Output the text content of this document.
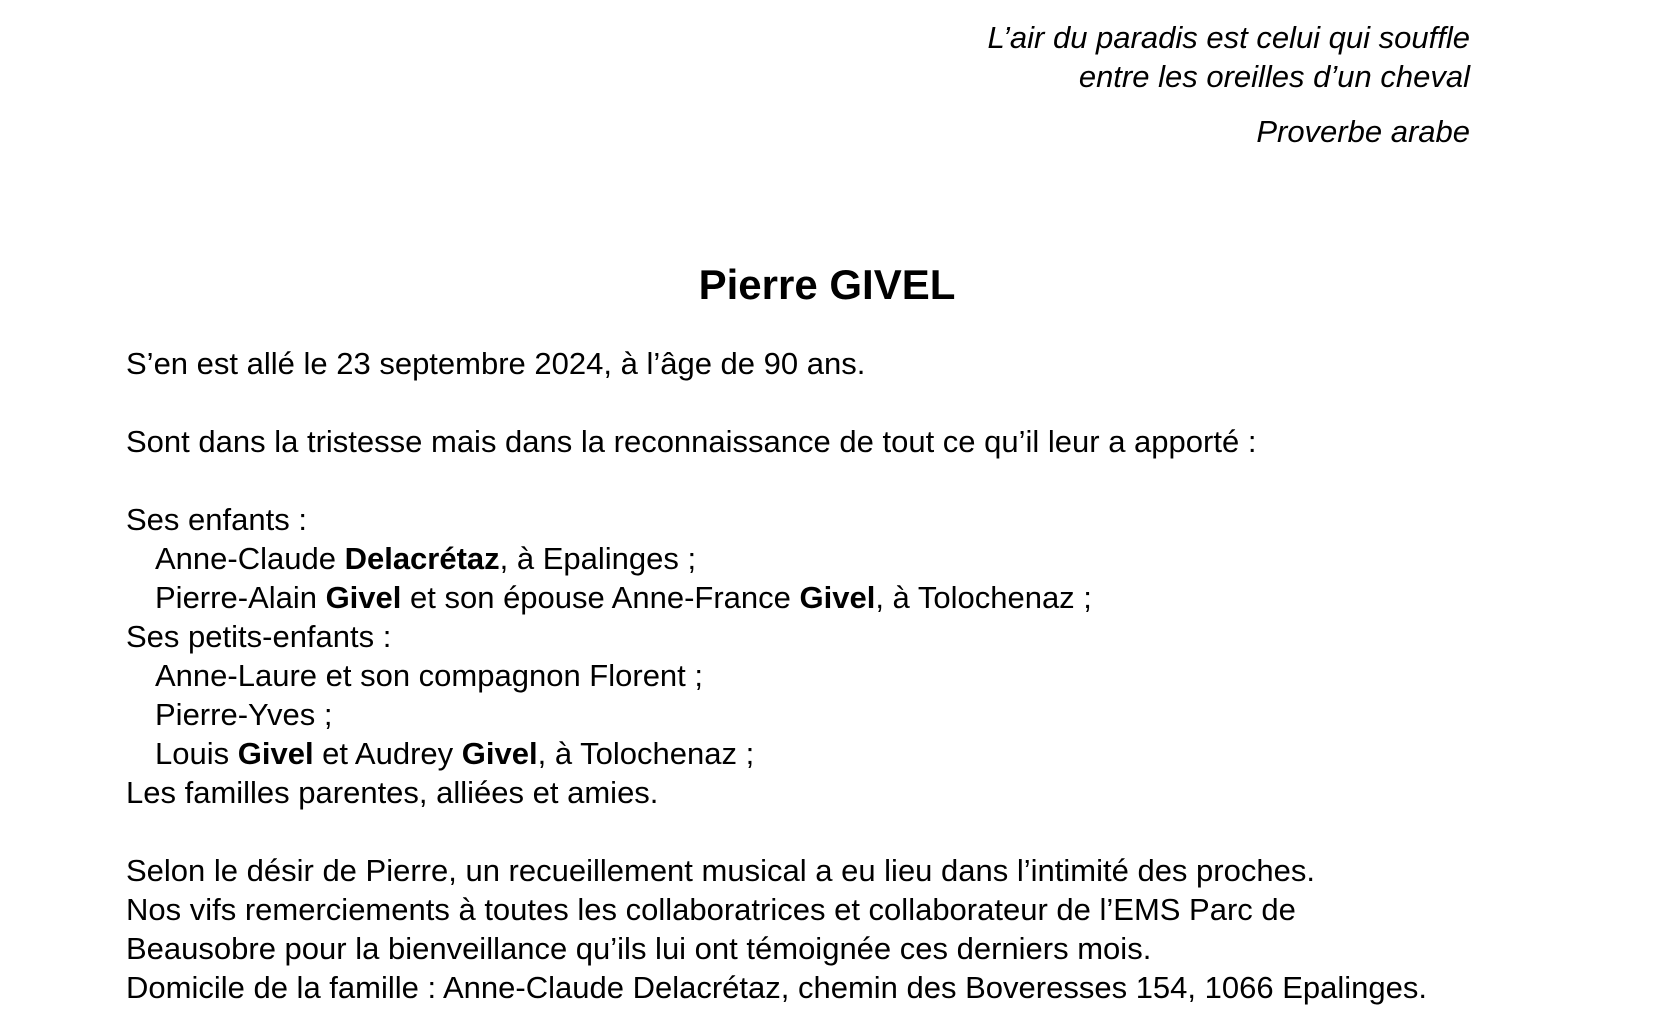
L’air du paradis est celui qui souffle
entre les oreilles d’un cheval
Proverbe arabe
Pierre GIVEL
S’en est allé le 23 septembre 2024, à l’âge de 90 ans.
Sont dans la tristesse mais dans la reconnaissance de tout ce qu’il leur a apporté :
Ses enfants :
Anne-Claude Delacrétaz, à Epalinges ;
Pierre-Alain Givel et son épouse Anne-France Givel, à Tolochenaz ;
Ses petits-enfants :
Anne-Laure et son compagnon Florent ;
Pierre-Yves ;
Louis Givel et Audrey Givel, à Tolochenaz ;
Les familles parentes, alliées et amies.
Selon le désir de Pierre, un recueillement musical a eu lieu dans l’intimité des proches.
Nos vifs remerciements à toutes les collaboratrices et collaborateur de l’EMS Parc de
Beausobre pour la bienveillance qu’ils lui ont témoignée ces derniers mois.
Domicile de la famille : Anne-Claude Delacrétaz, chemin des Boveresses 154, 1066 Epalinges.
